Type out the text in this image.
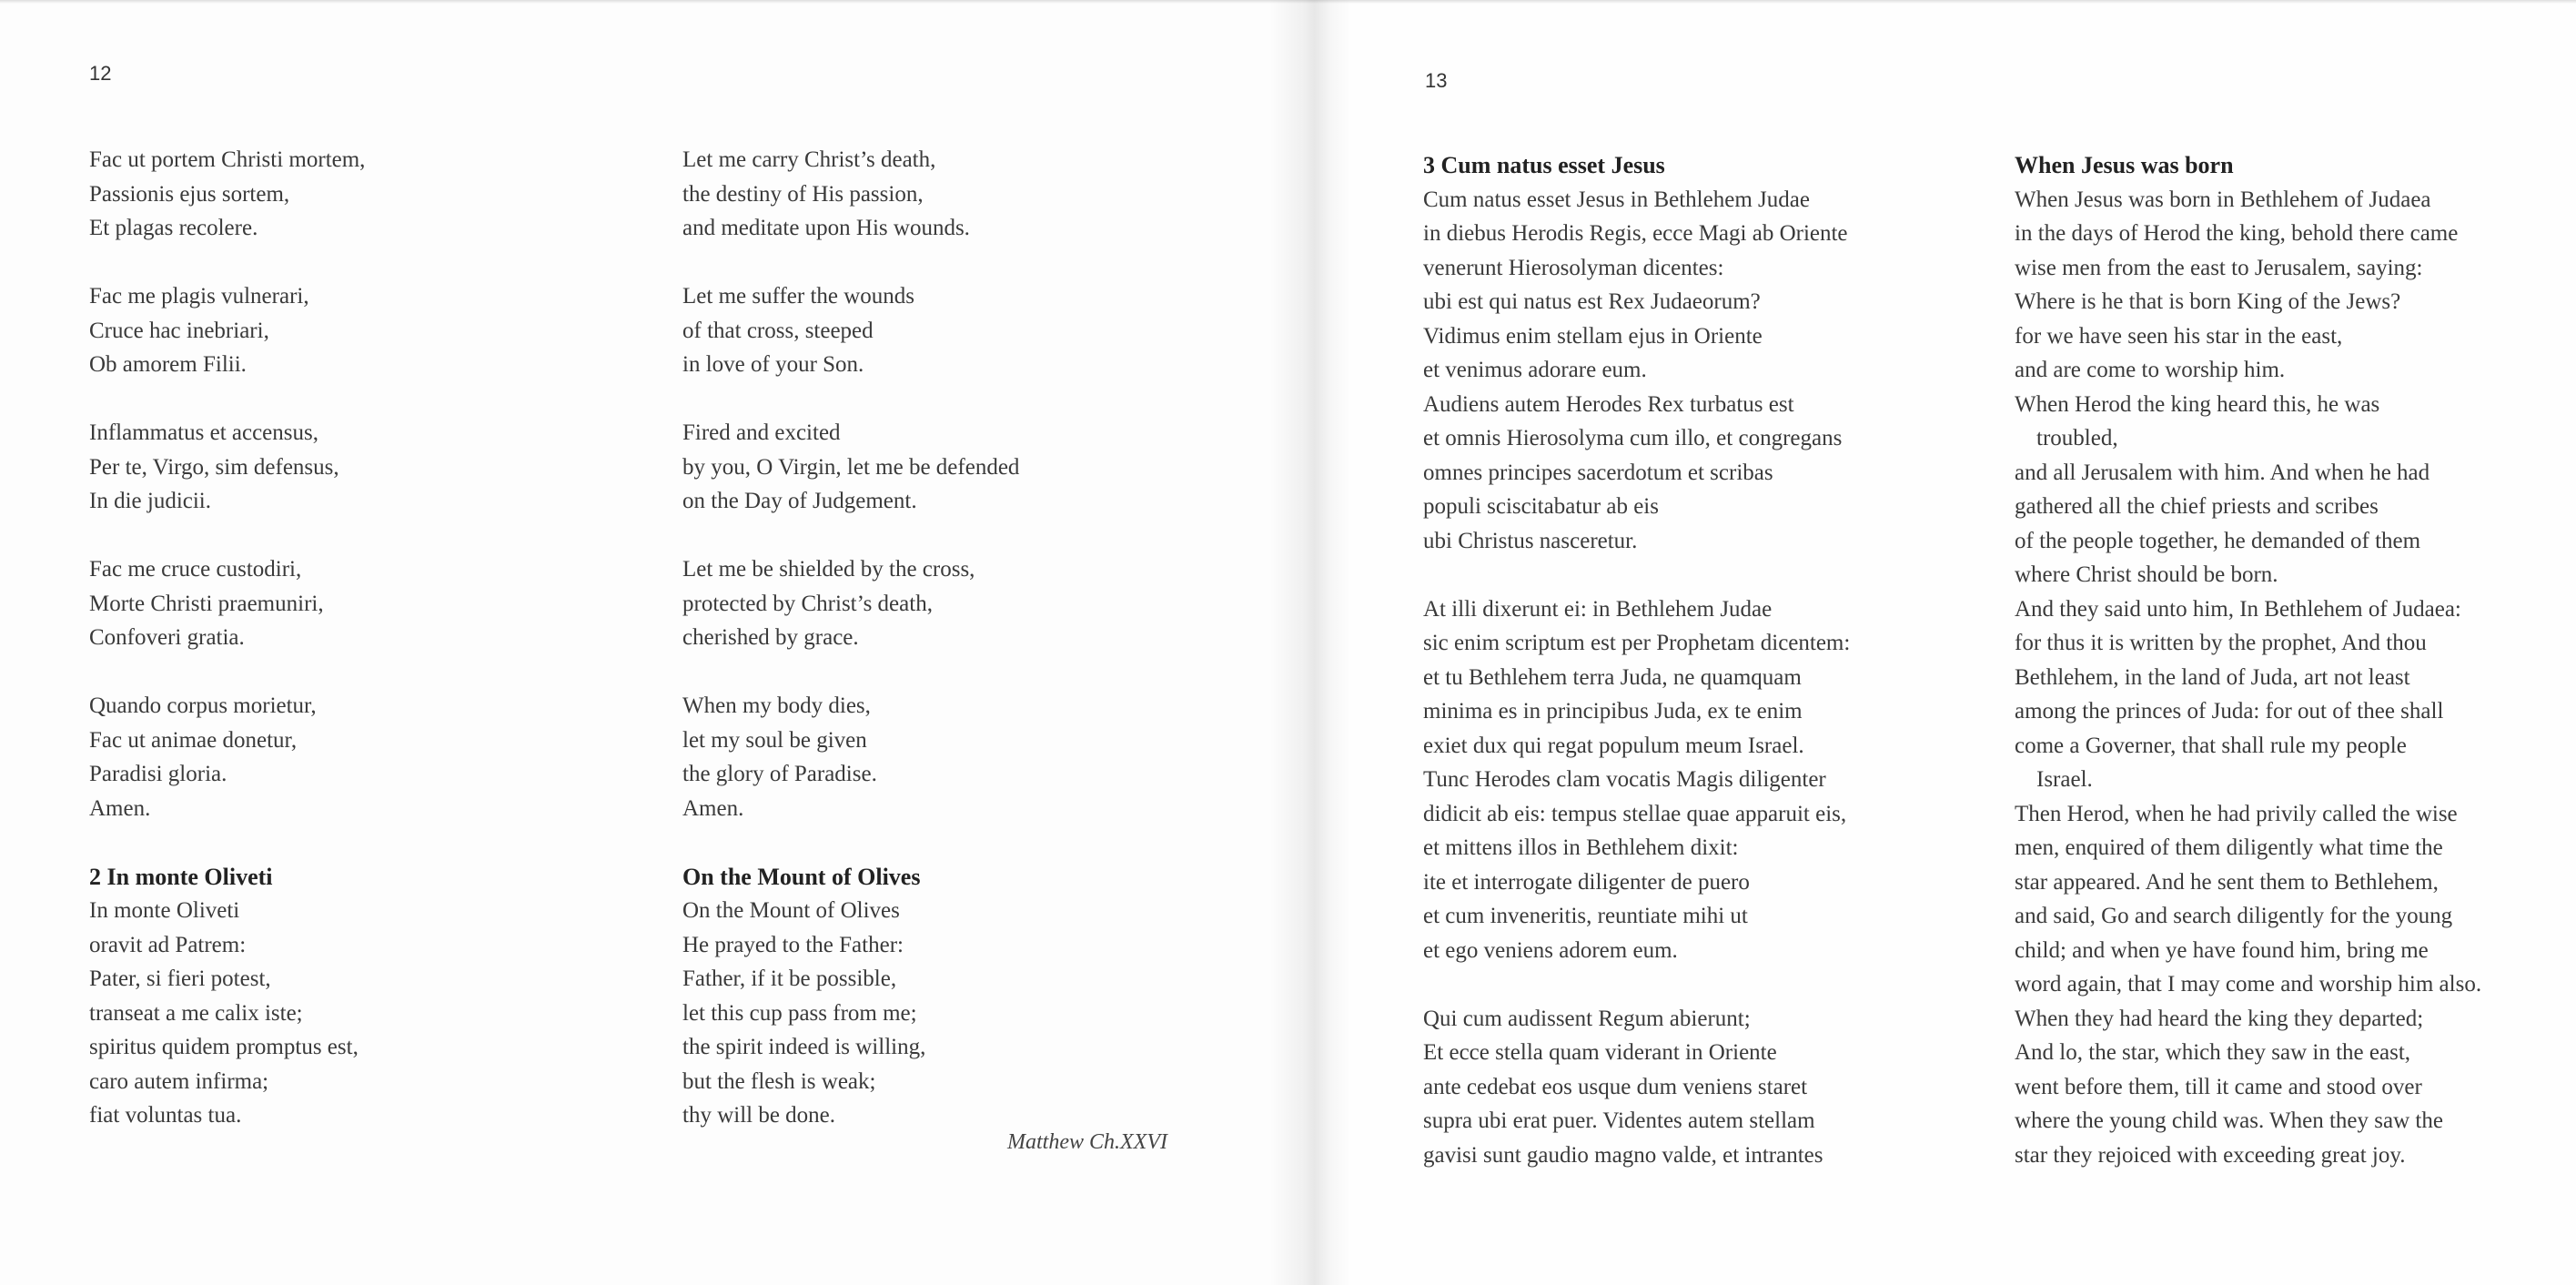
12

Fac ut portem Christi mortem,

Passionis ejus sortem,

Et plagas recolere.

Fac me plagis vulnerari,

Cruce hac inebriari,

Ob amorem Filii.

Inflammatus et accensus,

Per te, Virgo, sim defensus,

In die judicii.

Fac me cruce custodiri,

Morte Christi praemuniri,

Confoveri gratia.

Quando corpus morietur,

Fac ut animae donetur,

Paradisi gloria.

Amen.

2 In monte Oliveti

In monte Oliveti

oravit ad Patrem:

Pater, si fieri potest,

transeat a me calix iste;

spiritus quidem promptus est,

caro autem infirma;

fiat voluntas tua.

Let me carry Christ’s death,

the destiny of His passion,

and meditate upon His wounds.

Let me suffer the wounds

of that cross, steeped

in love of your Son.

Fired and excited

by you, O Virgin, let me be defended

on the Day of Judgement.

Let me be shielded by the cross,

protected by Christ’s death,

cherished by grace.

When my body dies,

let my soul be given

the glory of Paradise.

Amen.

On the Mount of Olives

On the Mount of Olives

He prayed to the Father:

Father, if it be possible,

let this cup pass from me;

the spirit indeed is willing,

but the flesh is weak;

thy will be done.

Matthew Ch.XXVI
13

3 Cum natus esset Jesus

Cum natus esset Jesus in Bethlehem Judae

in diebus Herodis Regis, ecce Magi ab Oriente

venerunt Hierosolyman dicentes:

ubi est qui natus est Rex Judaeorum?

Vidimus enim stellam ejus in Oriente

et venimus adorare eum.

Audiens autem Herodes Rex turbatus est

et omnis Hierosolyma cum illo, et congregans

omnes principes sacerdotum et scribas

populi sciscitabatur ab eis

ubi Christus nasceretur.

At illi dixerunt ei: in Bethlehem Judae

sic enim scriptum est per Prophetam dicentem:

et tu Bethlehem terra Juda, ne quamquam

minima es in principibus Juda, ex te enim

exiet dux qui regat populum meum Israel.

Tunc Herodes clam vocatis Magis diligenter

didicit ab eis: tempus stellae quae apparuit eis,

et mittens illos in Bethlehem dixit:

ite et interrogate diligenter de puero

et cum inveneritis, reuntiate mihi ut

et ego veniens adorem eum.

Qui cum audissent Regum abierunt;

Et ecce stella quam viderant in Oriente

ante cedebat eos usque dum veniens staret

supra ubi erat puer. Videntes autem stellam

gavisi sunt gaudio magno valde, et intrantes

When Jesus was born

When Jesus was born in Bethlehem of Judaea

in the days of Herod the king, behold there came

wise men from the east to Jerusalem, saying:

Where is he that is born King of the Jews?

for we have seen his star in the east,

and are come to worship him.

When Herod the king heard this, he was

troubled,

and all Jerusalem with him. And when he had

gathered all the chief priests and scribes

of the people together, he demanded of them

where Christ should be born.

And they said unto him, In Bethlehem of Judaea:

for thus it is written by the prophet, And thou

Bethlehem, in the land of Juda, art not least

among the princes of Juda: for out of thee shall

come a Governer, that shall rule my people

Israel.

Then Herod, when he had privily called the wise

men, enquired of them diligently what time the

star appeared. And he sent them to Bethlehem,

and said, Go and search diligently for the young

child; and when ye have found him, bring me

word again, that I may come and worship him also.

When they had heard the king they departed;

And lo, the star, which they saw in the east,

went before them, till it came and stood over

where the young child was. When they saw the

star they rejoiced with exceeding great joy.
